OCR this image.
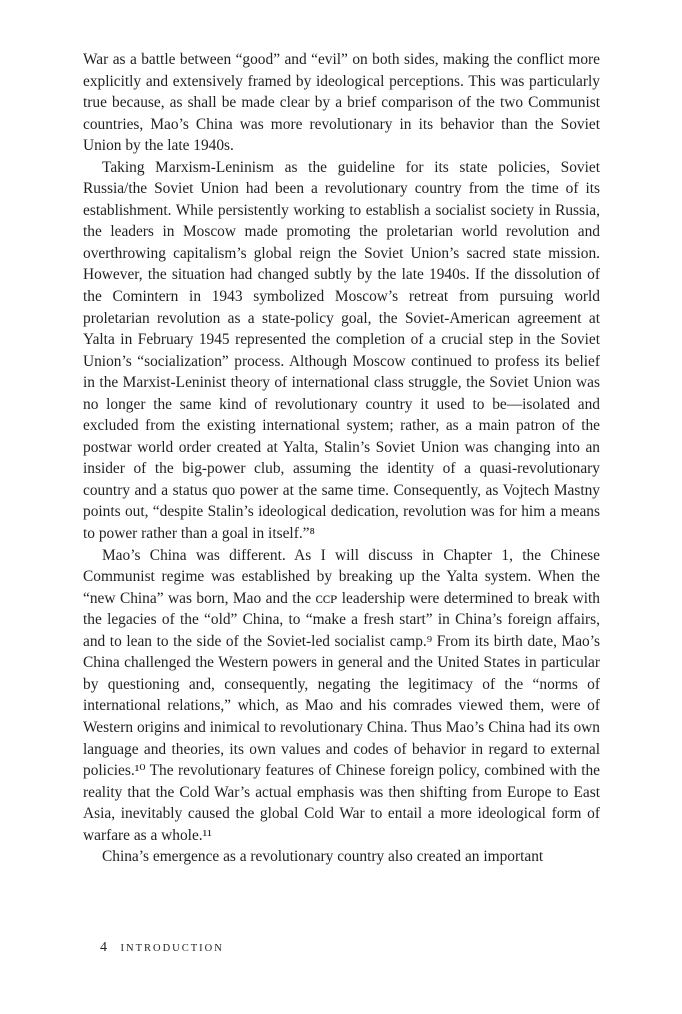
War as a battle between “good” and “evil” on both sides, making the conflict more explicitly and extensively framed by ideological perceptions. This was particularly true because, as shall be made clear by a brief comparison of the two Communist countries, Mao’s China was more revolutionary in its behavior than the Soviet Union by the late 1940s.

Taking Marxism-Leninism as the guideline for its state policies, Soviet Russia/the Soviet Union had been a revolutionary country from the time of its establishment. While persistently working to establish a socialist society in Russia, the leaders in Moscow made promoting the proletarian world revolution and overthrowing capitalism’s global reign the Soviet Union’s sacred state mission. However, the situation had changed subtly by the late 1940s. If the dissolution of the Comintern in 1943 symbolized Moscow’s retreat from pursuing world proletarian revolution as a state-policy goal, the Soviet-American agreement at Yalta in February 1945 represented the completion of a crucial step in the Soviet Union’s “socialization” process. Although Moscow continued to profess its belief in the Marxist-Leninist theory of international class struggle, the Soviet Union was no longer the same kind of revolutionary country it used to be—isolated and excluded from the existing international system; rather, as a main patron of the postwar world order created at Yalta, Stalin’s Soviet Union was changing into an insider of the big-power club, assuming the identity of a quasi-revolutionary country and a status quo power at the same time. Consequently, as Vojtech Mastny points out, “despite Stalin’s ideological dedication, revolution was for him a means to power rather than a goal in itself.”⁸

Mao’s China was different. As I will discuss in Chapter 1, the Chinese Communist regime was established by breaking up the Yalta system. When the “new China” was born, Mao and the ᴄᴄᴘ leadership were determined to break with the legacies of the “old” China, to “make a fresh start” in China’s foreign affairs, and to lean to the side of the Soviet-led socialist camp.⁹ From its birth date, Mao’s China challenged the Western powers in general and the United States in particular by questioning and, consequently, negating the legitimacy of the “norms of international relations,” which, as Mao and his comrades viewed them, were of Western origins and inimical to revolutionary China. Thus Mao’s China had its own language and theories, its own values and codes of behavior in regard to external policies.¹⁰ The revolutionary features of Chinese foreign policy, combined with the reality that the Cold War’s actual emphasis was then shifting from Europe to East Asia, inevitably caused the global Cold War to entail a more ideological form of warfare as a whole.¹¹

China’s emergence as a revolutionary country also created an important

4 INTRODUCTION
